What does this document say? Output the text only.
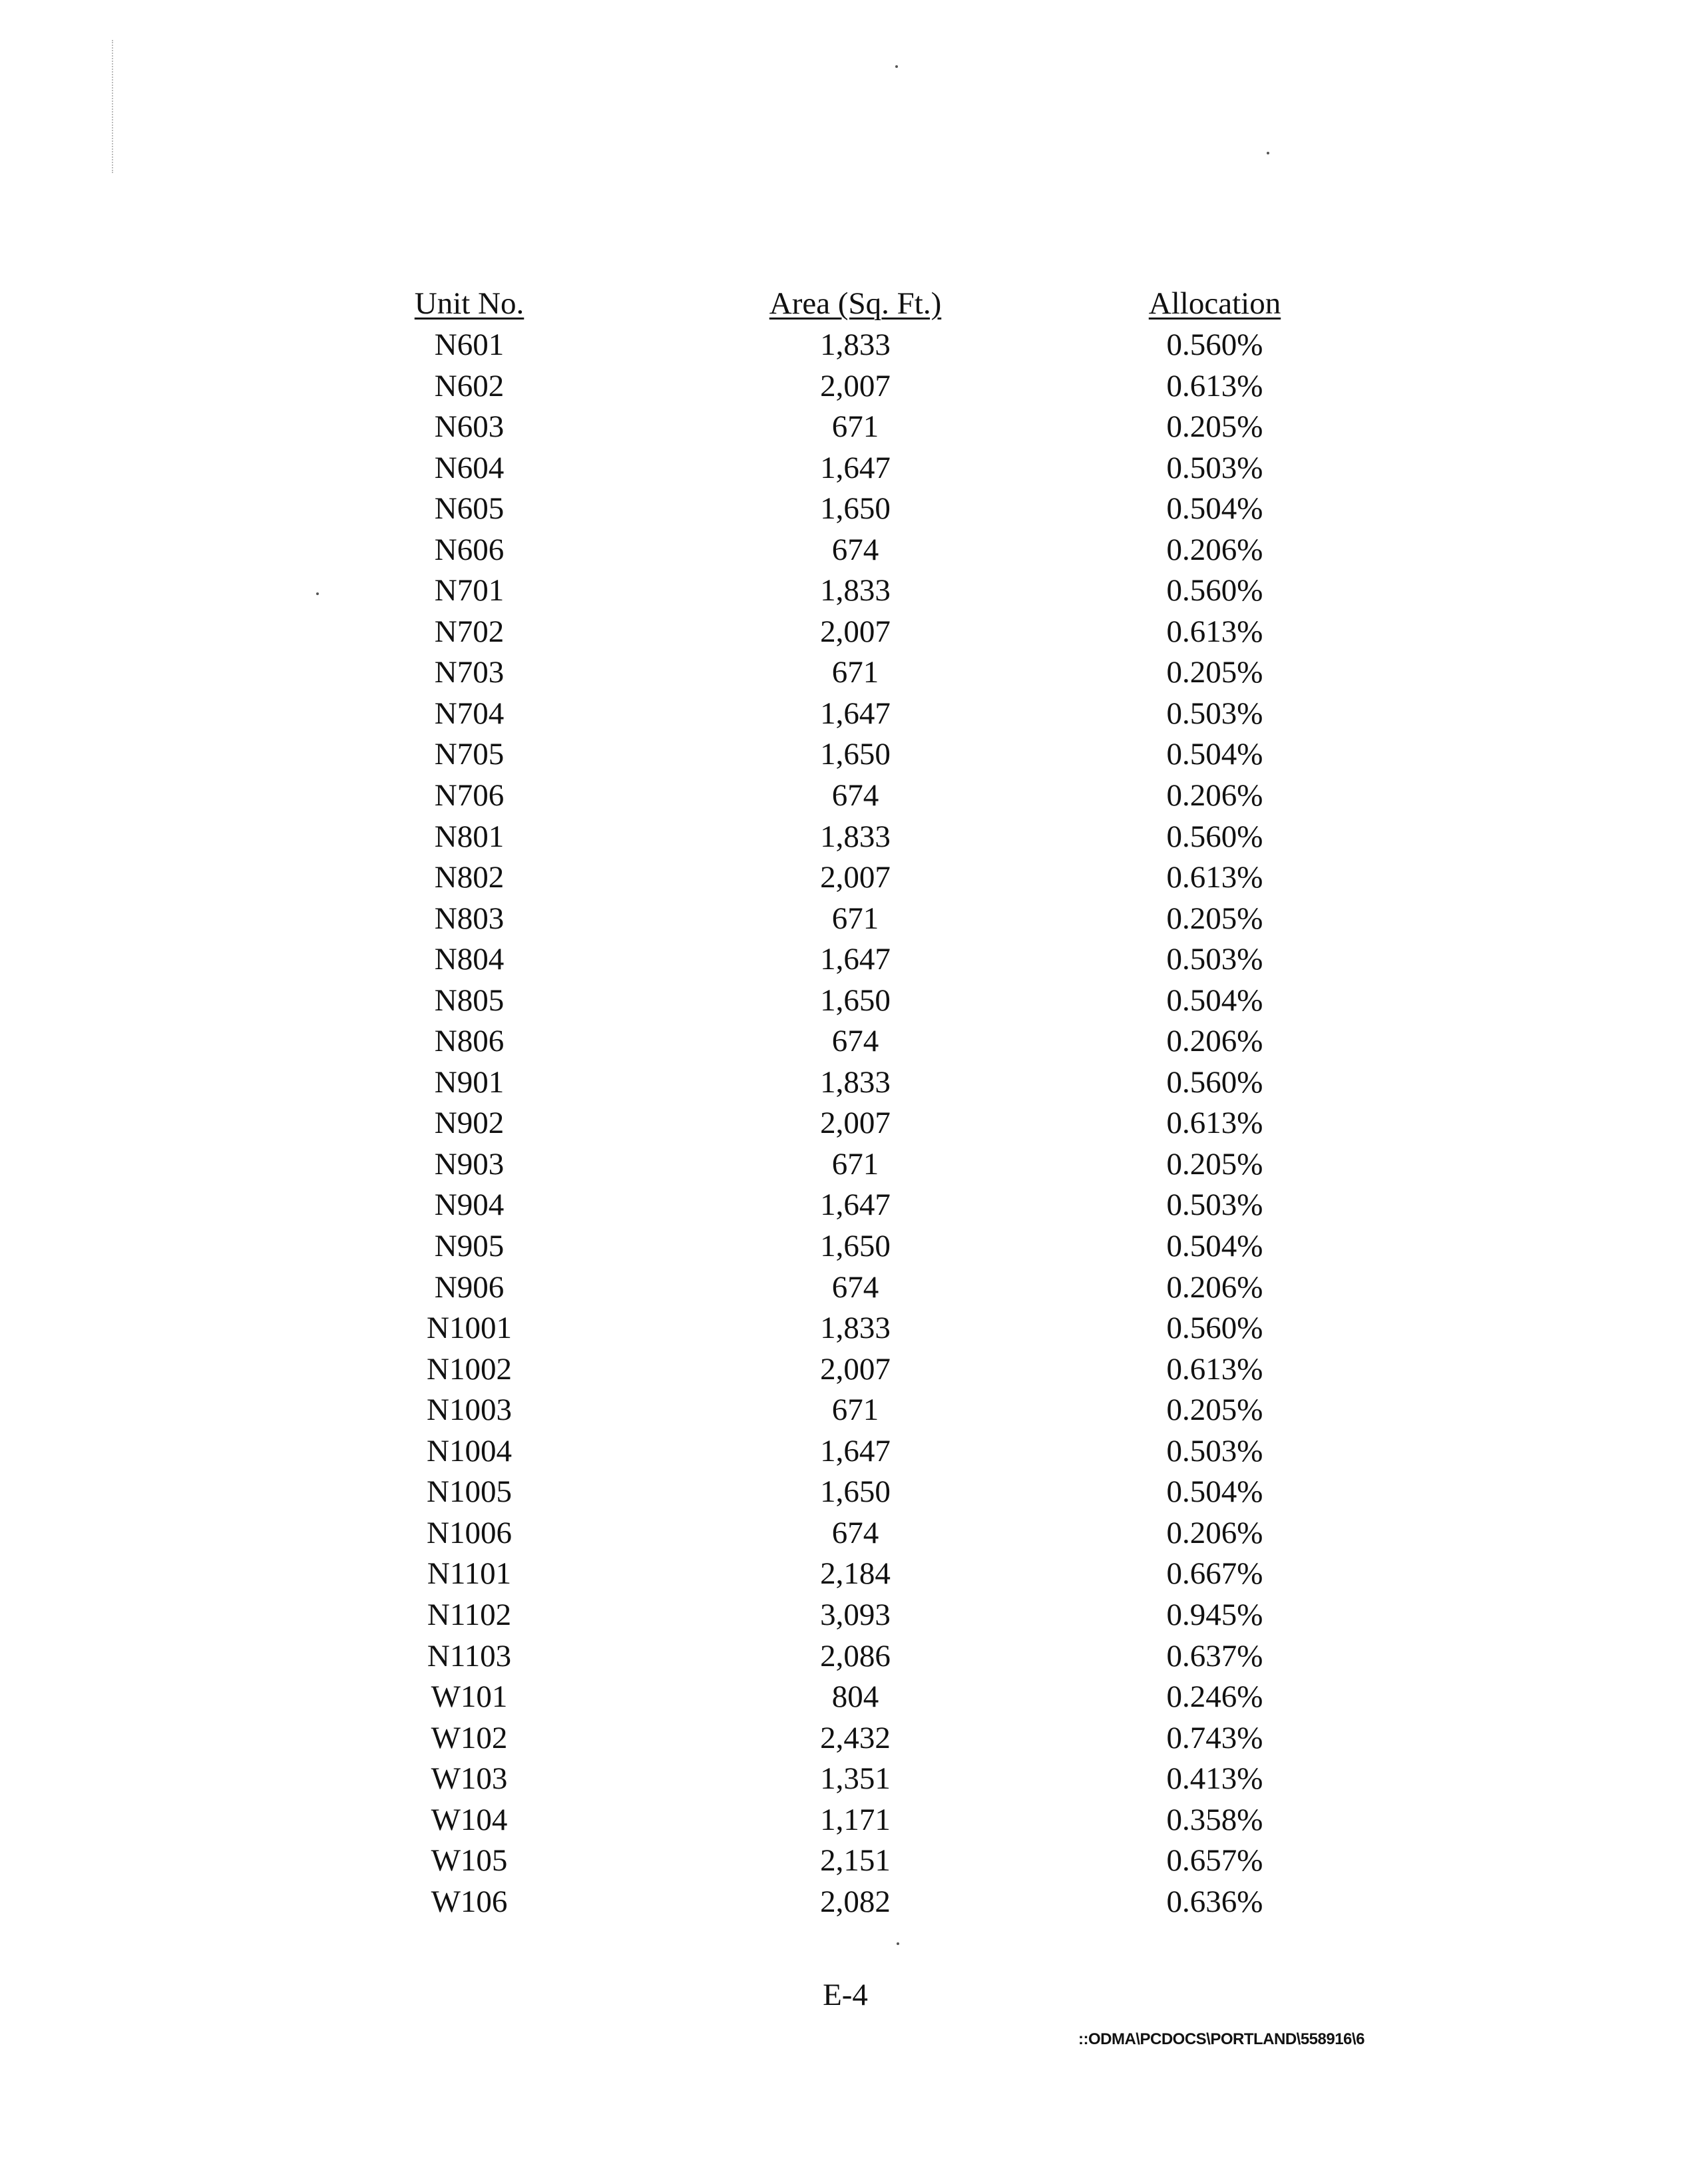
Unit No.	Area (Sq. Ft.)	Allocation
N601	1,833	0.560%
N602	2,007	0.613%
N603	671	0.205%
N604	1,647	0.503%
N605	1,650	0.504%
N606	674	0.206%
N701	1,833	0.560%
N702	2,007	0.613%
N703	671	0.205%
N704	1,647	0.503%
N705	1,650	0.504%
N706	674	0.206%
N801	1,833	0.560%
N802	2,007	0.613%
N803	671	0.205%
N804	1,647	0.503%
N805	1,650	0.504%
N806	674	0.206%
N901	1,833	0.560%
N902	2,007	0.613%
N903	671	0.205%
N904	1,647	0.503%
N905	1,650	0.504%
N906	674	0.206%
N1001	1,833	0.560%
N1002	2,007	0.613%
N1003	671	0.205%
N1004	1,647	0.503%
N1005	1,650	0.504%
N1006	674	0.206%
N1101	2,184	0.667%
N1102	3,093	0.945%
N1103	2,086	0.637%
W101	804	0.246%
W102	2,432	0.743%
W103	1,351	0.413%
W104	1,171	0.358%
W105	2,151	0.657%
W106	2,082	0.636%
E-4
::ODMA\PCDOCS\PORTLAND\558916\6
